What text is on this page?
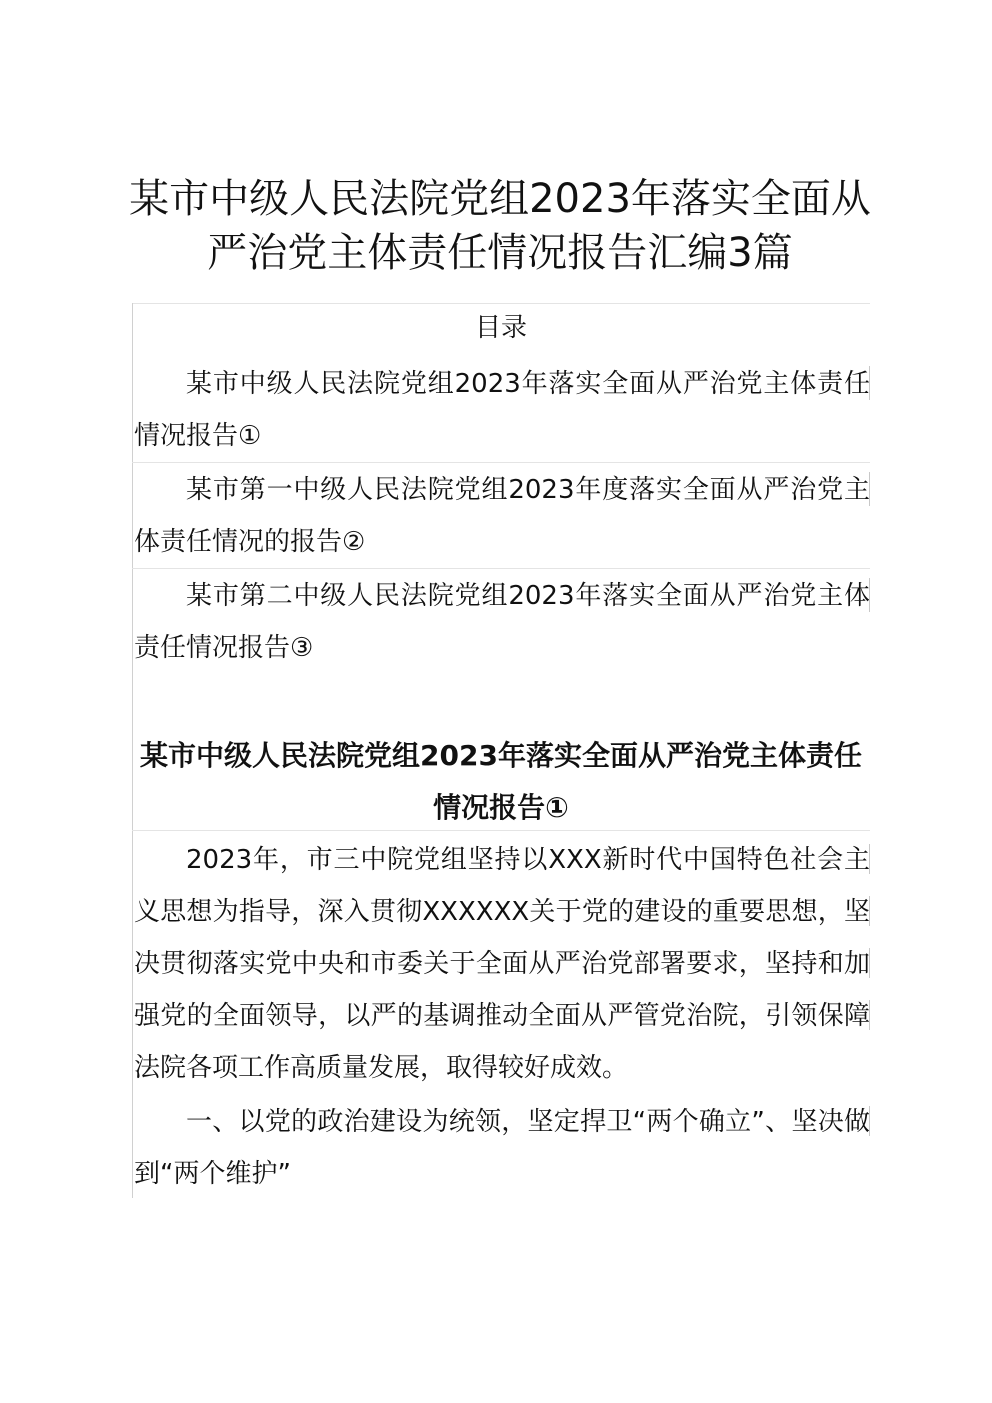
某市中级人民法院党组2023年落实全面从严治党主体责任情况报告汇编3篇
目录

某市中级人民法院党组2023年落实全面从严治党主体责任情况报告①

某市第一中级人民法院党组2023年度落实全面从严治党主体责任情况的报告②

某市第二中级人民法院党组2023年落实全面从严治党主体责任情况报告③

某市中级人民法院党组2023年落实全面从严治党主体责任情况报告①

2023年，市三中院党组坚持以XXX新时代中国特色社会主义思想为指导，深入贯彻XXXXXX关于党的建设的重要思想，坚决贯彻落实党中央和市委关于全面从严治党部署要求，坚持和加强党的全面领导，以严的基调推动全面从严管党治院，引领保障法院各项工作高质量发展，取得较好成效。

一、以党的政治建设为统领，坚定捍卫“两个确立”、坚决做到“两个维护”
